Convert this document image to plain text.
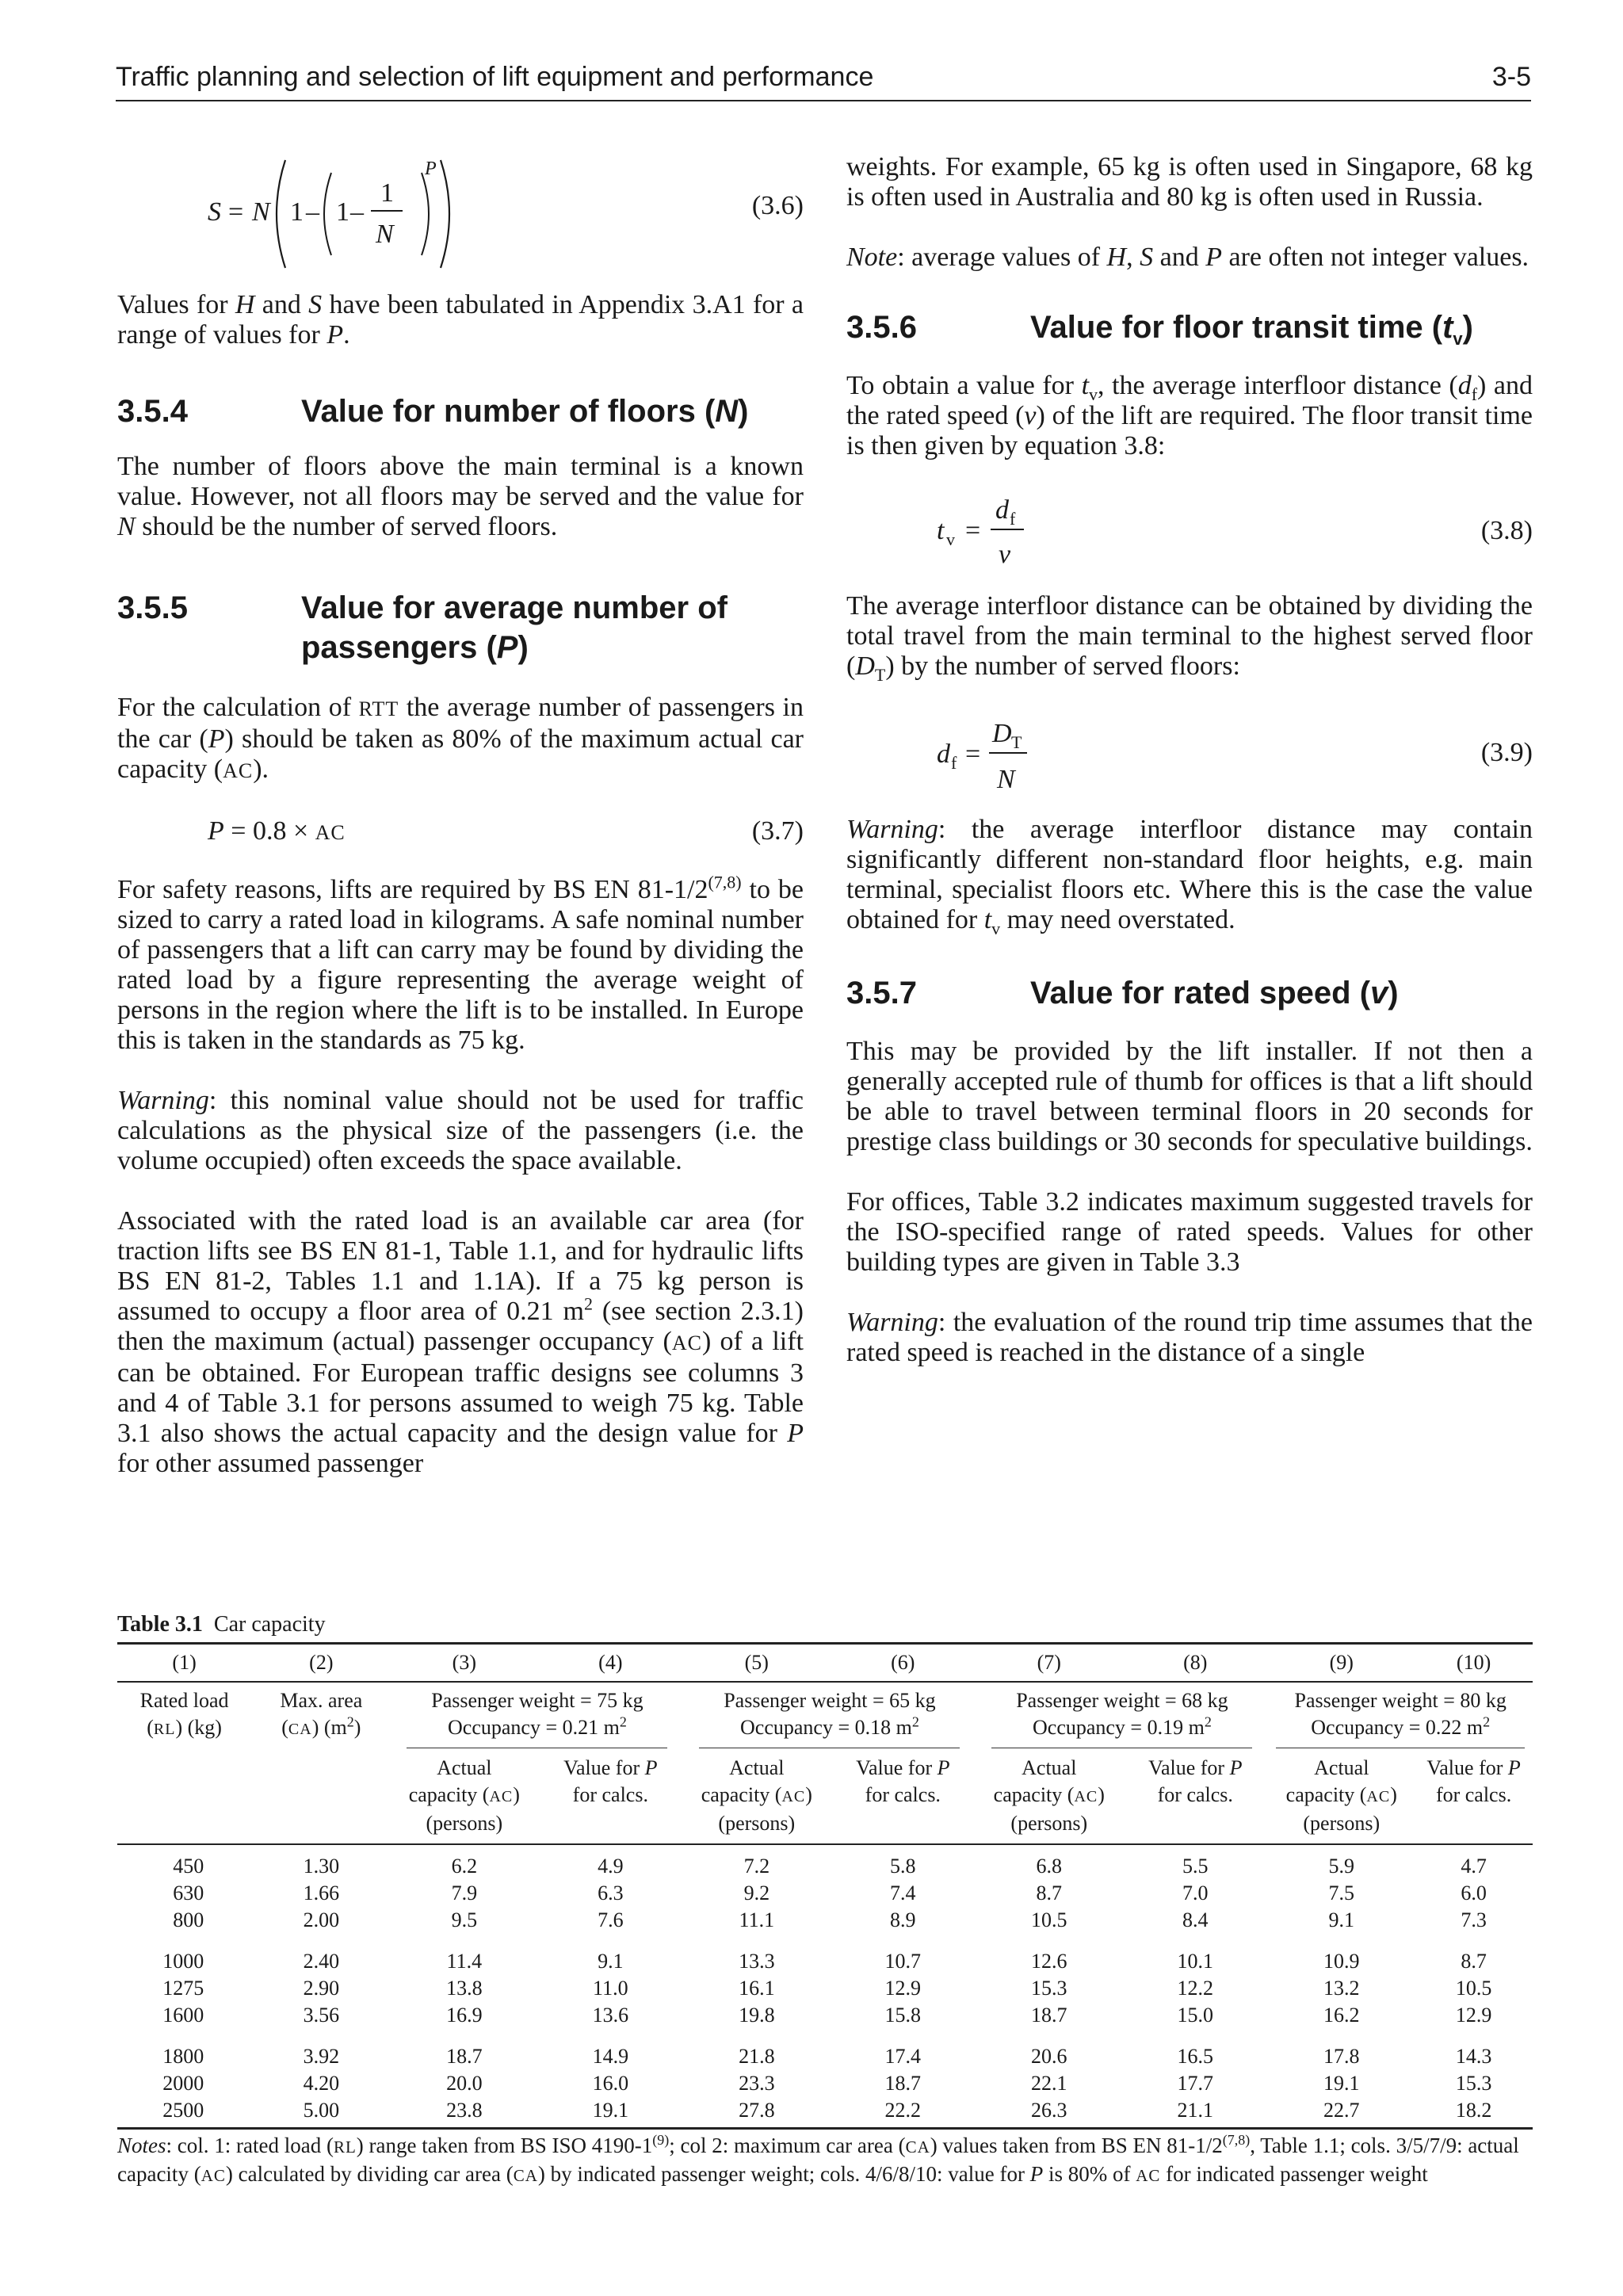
Traffic planning and selection of lift equipment and performance	3-5
S = N 1 – 1 –
1
N
P
(3.6)

Values for H and S have been tabulated in Appendix 3.A1 for a range of values for P.

3.5.4	Value for number of floors (N)

The number of floors above the main terminal is a known value. However, not all floors may be served and the value for N should be the number of served floors.

3.5.5	Value for average number of passengers (P)

For the calculation of RTT the average number of passengers in the car (P) should be taken as 80% of the maximum actual car capacity (AC).

P = 0.8 × AC	(3.7)

For safety reasons, lifts are required by BS EN 81-1/2$^{(7,8)}$ to be sized to carry a rated load in kilograms. A safe nominal number of passengers that a lift can carry may be found by dividing the rated load by a figure representing the average weight of persons in the region where the lift is to be installed. In Europe this is taken in the standards as 75 kg.

Warning: this nominal value should not be used for traffic calculations as the physical size of the passengers (i.e. the volume occupied) often exceeds the space available.

Associated with the rated load is an available car area (for traction lifts see BS EN 81-1, Table 1.1, and for hydraulic lifts BS EN 81-2, Tables 1.1 and 1.1A). If a 75 kg person is assumed to occupy a floor area of 0.21 $m^2$ (see section 2.3.1) then the maximum (actual) passenger occupancy (AC) of a lift can be obtained. For European traffic designs see columns 3 and 4 of Table 3.1 for persons assumed to weigh 75 kg. Table 3.1 also shows the actual capacity and the design value for P for other assumed passenger

weights. For example, 65 kg is often used in Singapore, 68 kg is often used in Australia and 80 kg is often used in Russia.

Note: average values of H, S and P are often not integer values.

3.5.6	Value for floor transit time $(t_v)$

To obtain a value for $t_v$, the average interfloor distance $(d_f)$ and the rated speed (v) of the lift are required. The floor transit time is then given by equation 3.8:

t v =
d f
v
(3.8)

The average interfloor distance can be obtained by dividing the total travel from the main terminal to the highest served floor $(D_T)$ by the number of served floors:

d f =
D T
N
(3.9)

Warning: the average interfloor distance may contain significantly different non-standard floor heights, e.g. main terminal, specialist floors etc. Where this is the case the value obtained for $t_v$ may need overstated.

3.5.7	Value for rated speed (v)

This may be provided by the lift installer. If not then a generally accepted rule of thumb for offices is that a lift should be able to travel between terminal floors in 20 seconds for prestige class buildings or 30 seconds for speculative buildings.

For offices, Table 3.2 indicates maximum suggested travels for the ISO-specified range of rated speeds. Values for other building types are given in Table 3.3

Warning: the evaluation of the round trip time assumes that the rated speed is reached in the distance of a single

Table 3.1 Car capacity
(1)	(2)	(3)	(4)	(5)	(6)	(7)	(8)	(9)	(10)
Rated load
(RL) (kg)	Max. area
(CA) $(m^2)$	Passenger weight = 75 kg
Occupancy = 0.21 $m^2$		Passenger weight = 65 kg
Occupancy = 0.18 $m^2$		Passenger weight = 68 kg
Occupancy = 0.19 $m^2$		Passenger weight = 80 kg
Occupancy = 0.22 $m^2$

		Actual
capacity (AC)
(persons)	Value for P
for calcs.	Actual
capacity (AC)
(persons)	Value for P
for calcs.	Actual
capacity (AC)
(persons)	Value for P
for calcs.	Actual
capacity (AC)
(persons)	Value for P
for calcs.
450	1.30	6.2	4.9	7.2	5.8	6.8	5.5	5.9	4.7
630	1.66	7.9	6.3	9.2	7.4	8.7	7.0	7.5	6.0
800	2.00	9.5	7.6	11.1	8.9	10.5	8.4	9.1	7.3
1000	2.40	11.4	9.1	13.3	10.7	12.6	10.1	10.9	8.7
1275	2.90	13.8	11.0	16.1	12.9	15.3	12.2	13.2	10.5
1600	3.56	16.9	13.6	19.8	15.8	18.7	15.0	16.2	12.9
1800	3.92	18.7	14.9	21.8	17.4	20.6	16.5	17.8	14.3
2000	4.20	20.0	16.0	23.3	18.7	22.1	17.7	19.1	15.3
2500	5.00	23.8	19.1	27.8	22.2	26.3	21.1	22.7	18.2
Notes: col. 1: rated load (RL) range taken from BS ISO 4190-1$^{(9)}$; col 2: maximum car area (CA) values taken from BS EN 81-1/2$^{(7,8)}$, Table 1.1; cols. 3/5/7/9: actual capacity (AC) calculated by dividing car area (CA) by indicated passenger weight; cols. 4/6/8/10: value for P is 80% of AC for indicated passenger weight
